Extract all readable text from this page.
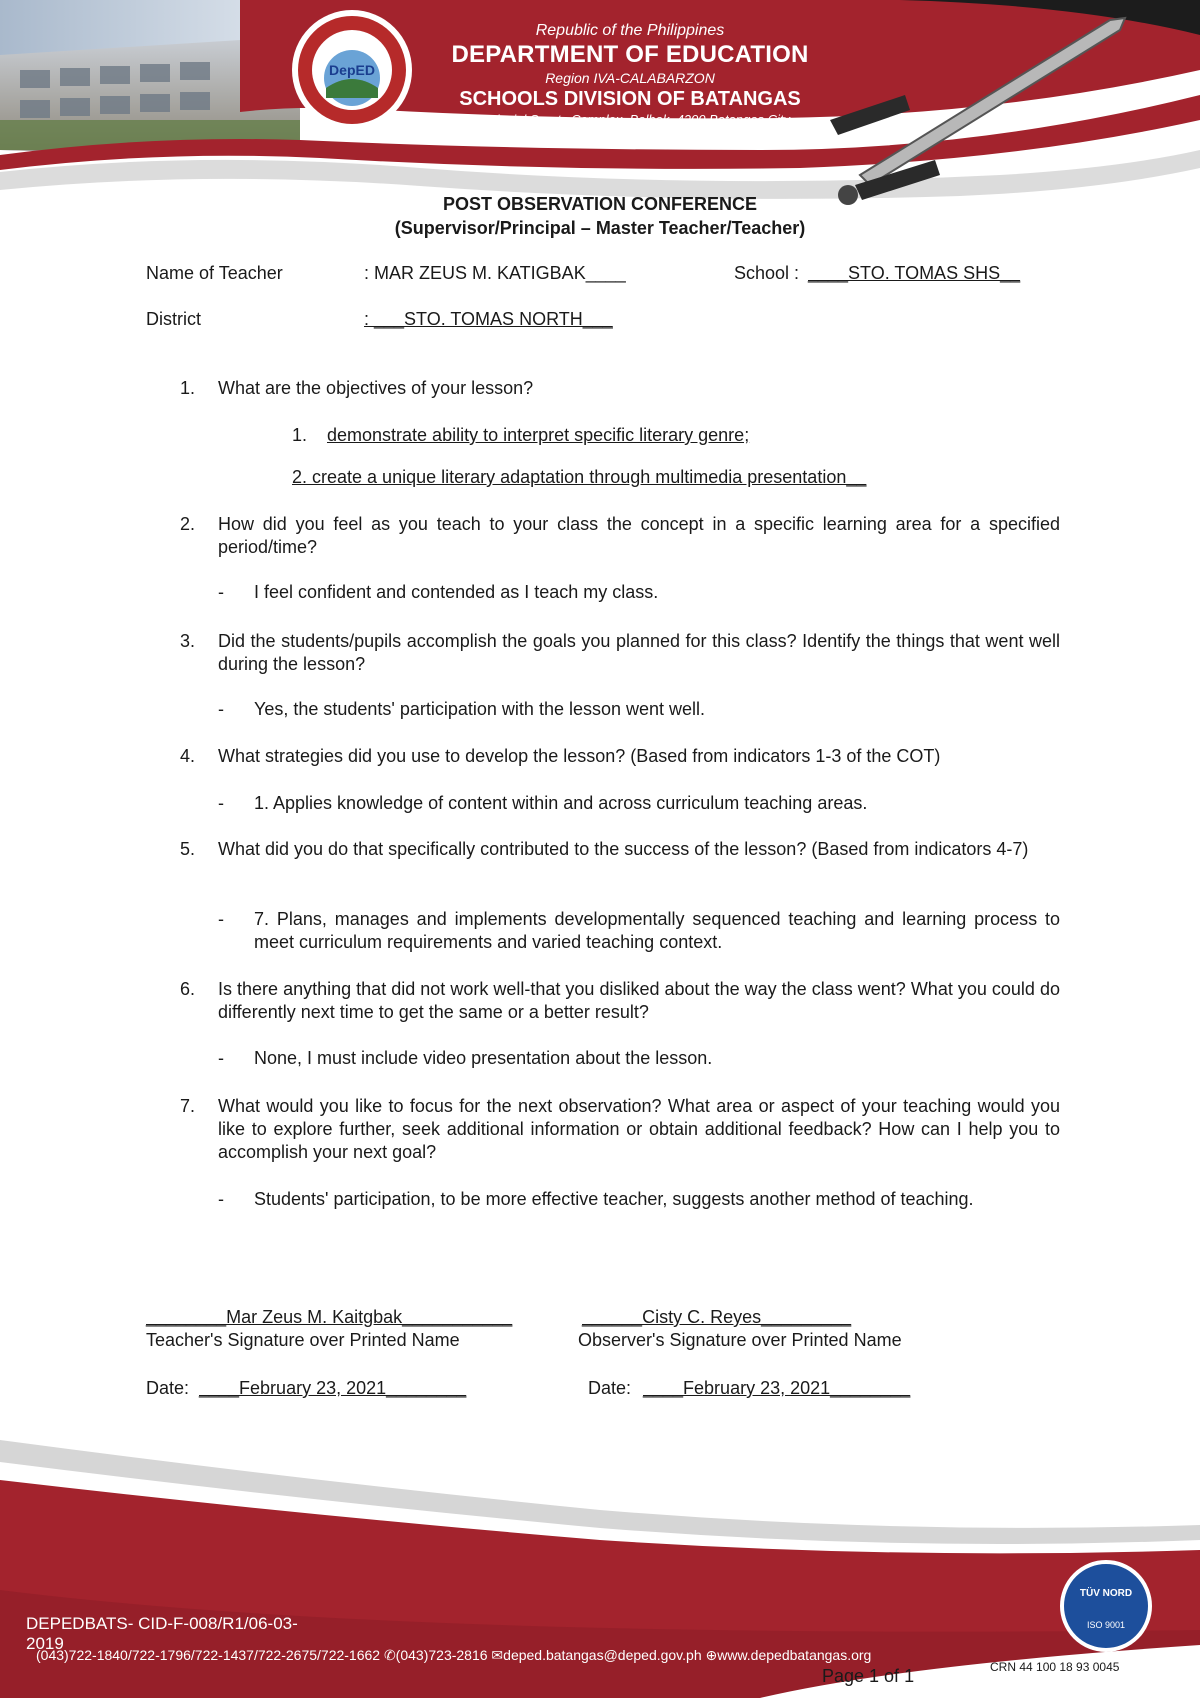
Republic of the Philippines
DEPARTMENT OF EDUCATION
Region IVA-CALABARZON
SCHOOLS DIVISION OF BATANGAS
Provincial Sports Complex, Bolbok, 4200 Batangas City
DepED
POST OBSERVATION CONFERENCE
(Supervisor/Principal – Master Teacher/Teacher)
Name of Teacher	: MAR ZEUS M. KATIGBAK____	School : ____STO. TOMAS SHS__
District	: ___STO. TOMAS NORTH___
1. What are the objectives of your lesson?
1. demonstrate ability to interpret specific literary genre;
2. create a unique literary adaptation through multimedia presentation__
2. How did you feel as you teach to your class the concept in a specific learning area for a specified period/time?
- I feel confident and contended as I teach my class.
3. Did the students/pupils accomplish the goals you planned for this class? Identify the things that went well during the lesson?
- Yes, the students' participation with the lesson went well.
4. What strategies did you use to develop the lesson? (Based from indicators 1-3 of the COT)
- 1. Applies knowledge of content within and across curriculum teaching areas.
5. What did you do that specifically contributed to the success of the lesson? (Based from indicators 4-7)
- 7. Plans, manages and implements developmentally sequenced teaching and learning process to meet curriculum requirements and varied teaching context.
6. Is there anything that did not work well-that you disliked about the way the class went? What you could do differently next time to get the same or a better result?
- None, I must include video presentation about the lesson.
7. What would you like to focus for the next observation? What area or aspect of your teaching would you like to explore further, seek additional information or obtain additional feedback? How can I help you to accomplish your next goal?
- Students' participation, to be more effective teacher, suggests another method of teaching.
________Mar Zeus M. Kaitgbak___________
Teacher's Signature over Printed Name
______Cisty C. Reyes_________
Observer's Signature over Printed Name
Date: ____February 23, 2021________	Date: ____February 23, 2021________
TÜV NORD
ISO 9001
DEPEDBATS- CID-F-008/R1/06-03-
2019
(043)722-1840/722-1796/722-1437/722-2675/722-1662 ✆(043)723-2816 ✉deped.batangas@deped.gov.ph ⊕www.depedbatangas.org
Page 1 of 1	CRN 44 100 18 93 0045
